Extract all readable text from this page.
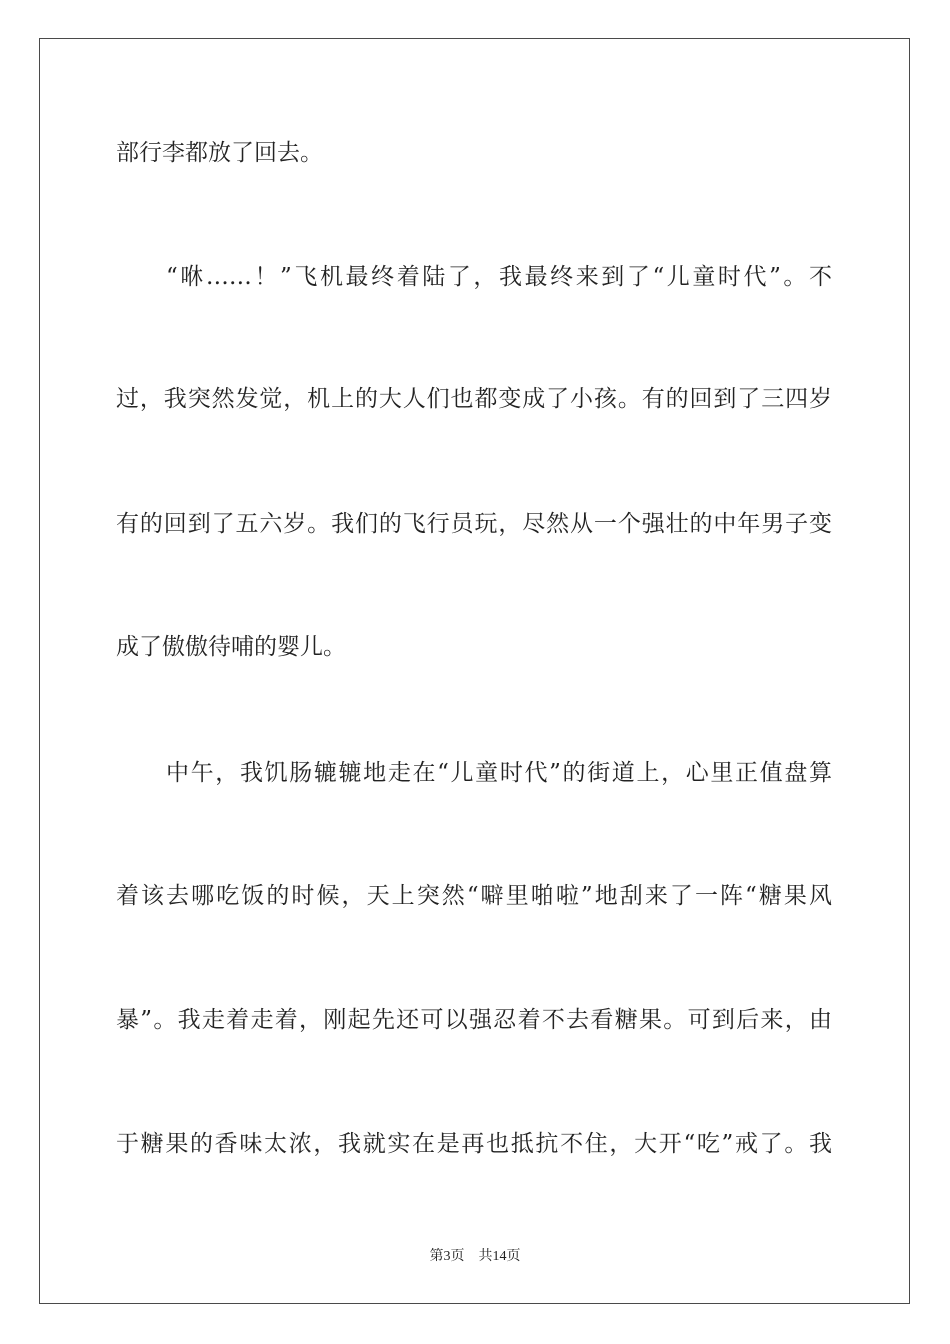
部行李都放了回去。
“咻……！”飞机最终着陆了，我最终来到了“儿童时代”。不
过，我突然发觉，机上的大人们也都变成了小孩。有的回到了三四岁
有的回到了五六岁。我们的飞行员玩，尽然从一个强壮的中年男子变
成了傲傲待哺的婴儿。
中午，我饥肠辘辘地走在“儿童时代”的街道上，心里正值盘算
着该去哪吃饭的时候，天上突然“噼里啪啦”地刮来了一阵“糖果风
暴”。我走着走着，刚起先还可以强忍着不去看糖果。可到后来，由
于糖果的香味太浓，我就实在是再也抵抗不住，大开“吃”戒了。我
第3页 共14页
